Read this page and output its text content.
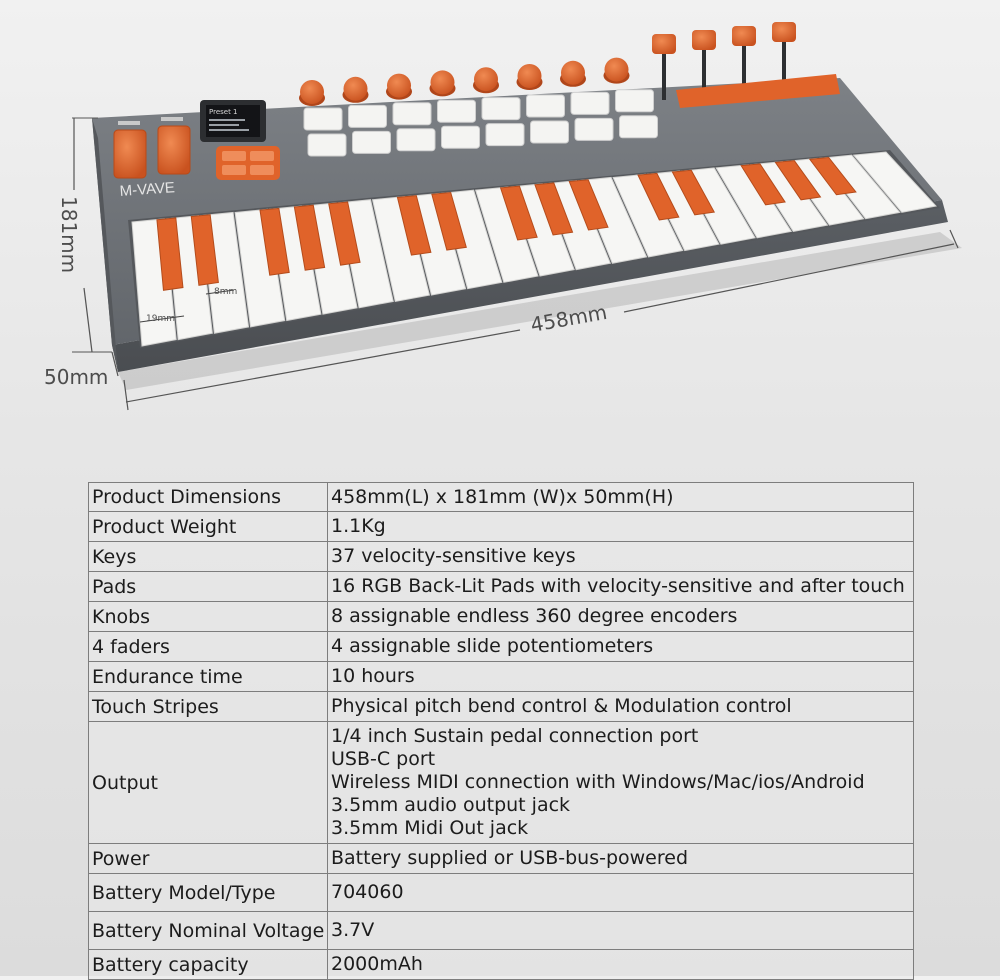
Preset 1
M-VAVE
181mm
50mm
458mm
19mm
8mm
Product Dimensions	458mm(L) x 181mm (W)x 50mm(H)

Product Weight	1.1Kg

Keys	37 velocity-sensitive keys

Pads	16 RGB Back-Lit Pads with velocity-sensitive and after touch

Knobs	8 assignable endless 360 degree encoders

4 faders	4 assignable slide potentiometers

Endurance time	10 hours

Touch Stripes	Physical pitch bend control & Modulation control

Output	1/4 inch Sustain pedal connection port
USB-C port
Wireless MIDI connection with Windows/Mac/ios/Android
3.5mm audio output jack
3.5mm Midi Out jack

Power	Battery supplied or USB-bus-powered

Battery Model/Type	704060

Battery Nominal Voltage	3.7V

Battery capacity	2000mAh
